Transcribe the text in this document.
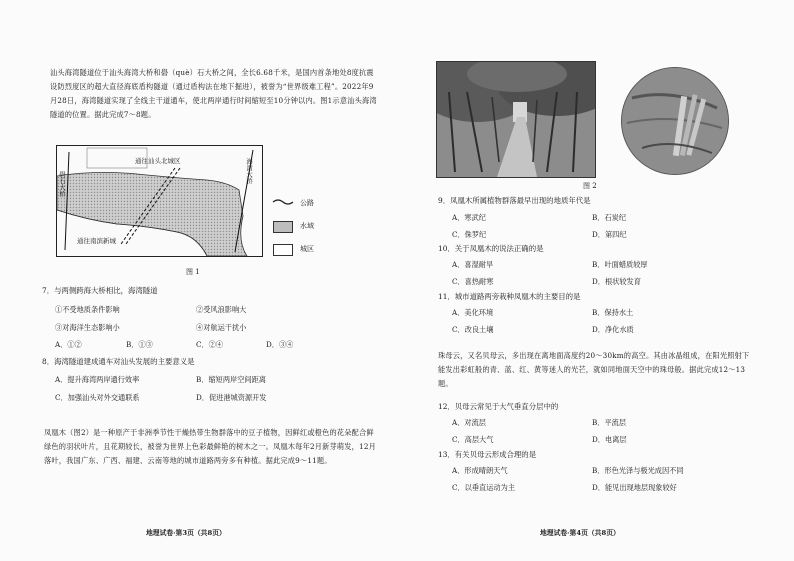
汕头海湾隧道位于汕头海湾大桥和礐（què）石大桥之间，全长6.68千米，是国内首条地处8度抗震设防烈度区的超大直径海底盾构隧道（通过盾构法在地下掘进），被誉为“世界级难工程”。2022年9月28日，海湾隧道实现了全线主干道通车，使北两岸通行时间缩短至10分钟以内。图1示意汕头海湾隧道的位置。据此完成7～8题。

通往汕头北城区
通往南滨新城
礐石大桥	海湾大桥
公路
水域
城区
图 1

7．与两侧跨海大桥相比，海湾隧道

①不受地质条件影响	②受风浪影响大
③对海洋生态影响小	④对航运干扰小
A．①②	B．①③	C．②④	D．③④

8．海湾隧道建成通车对汕头发展的主要意义是

A．提升海湾两岸通行效率	B．缩短两岸空间距离
C．加强汕头对外交通联系	D．促进港城资源开发

凤凰木（图2）是一种原产于非洲季节性干燥热带生物群落中的豆子植物，因鲜红或橙色的花朵配合鲜绿色的羽状叶片，且花期较长，被誉为世界上色彩最鲜艳的树木之一。凤凰木每年2月新芽萌发，12月落叶，我国广东、广西、福建、云南等地的城市道路两旁多有种植。据此完成9～11题。

地理试卷·第3页（共8页）
图 2

9．凤凰木所属植物群落最早出现的地质年代是

A．寒武纪	B．石炭纪
C．侏罗纪	D．第四纪

10．关于凤凰木的说法正确的是

A．喜湿耐旱	B．叶面蜡质较厚
C．喜热耐寒	D．根状较发育

11．城市道路两旁栽种凤凰木的主要目的是

A．美化环境	B．保持水土
C．改良土壤	D．净化水质

珠母云，又名贝母云，多出现在离地面高度约20～30km的高空。其由冰晶组成，在阳光照射下能发出彩虹般的青、蓝、红、黄等迷人的光芒，就如同地面天空中的珠母般。据此完成12～13题。

12．贝母云常见于大气垂直分层中的

A．对流层	B．平流层
C．高层大气	D．电离层

13．有关贝母云形成合理的是

A．形成晴朗天气	B．形色光泽与极光成因不同
C．以垂直运动为主	D．能见出现地层现象较好
地理试卷·第4页（共8页）
